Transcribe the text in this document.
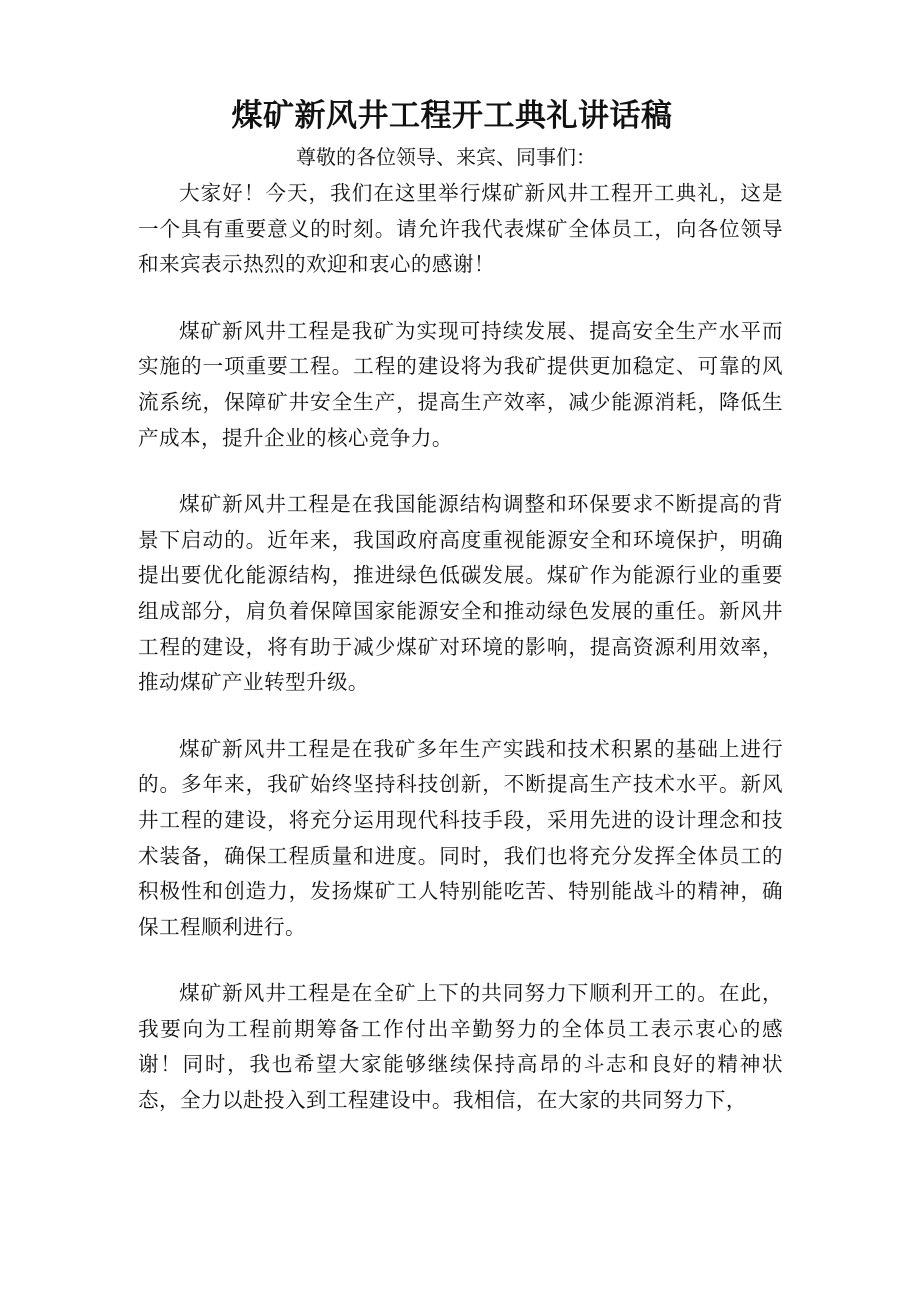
煤矿新风井工程开工典礼讲话稿

尊敬的各位领导、来宾、同事们：

大家好！今天，我们在这里举行煤矿新风井工程开工典礼，这是一个具有重要意义的时刻。请允许我代表煤矿全体员工，向各位领导和来宾表示热烈的欢迎和衷心的感谢！

煤矿新风井工程是我矿为实现可持续发展、提高安全生产水平而实施的一项重要工程。工程的建设将为我矿提供更加稳定、可靠的风流系统，保障矿井安全生产，提高生产效率，减少能源消耗，降低生产成本，提升企业的核心竞争力。

煤矿新风井工程是在我国能源结构调整和环保要求不断提高的背景下启动的。近年来，我国政府高度重视能源安全和环境保护，明确提出要优化能源结构，推进绿色低碳发展。煤矿作为能源行业的重要组成部分，肩负着保障国家能源安全和推动绿色发展的重任。新风井工程的建设，将有助于减少煤矿对环境的影响，提高资源利用效率，推动煤矿产业转型升级。

煤矿新风井工程是在我矿多年生产实践和技术积累的基础上进行的。多年来，我矿始终坚持科技创新，不断提高生产技术水平。新风井工程的建设，将充分运用现代科技手段，采用先进的设计理念和技术装备，确保工程质量和进度。同时，我们也将充分发挥全体员工的积极性和创造力，发扬煤矿工人特别能吃苦、特别能战斗的精神，确保工程顺利进行。

煤矿新风井工程是在全矿上下的共同努力下顺利开工的。在此，我要向为工程前期筹备工作付出辛勤努力的全体员工表示衷心的感谢！同时，我也希望大家能够继续保持高昂的斗志和良好的精神状态，全力以赴投入到工程建设中。我相信，在大家的共同努力下，
